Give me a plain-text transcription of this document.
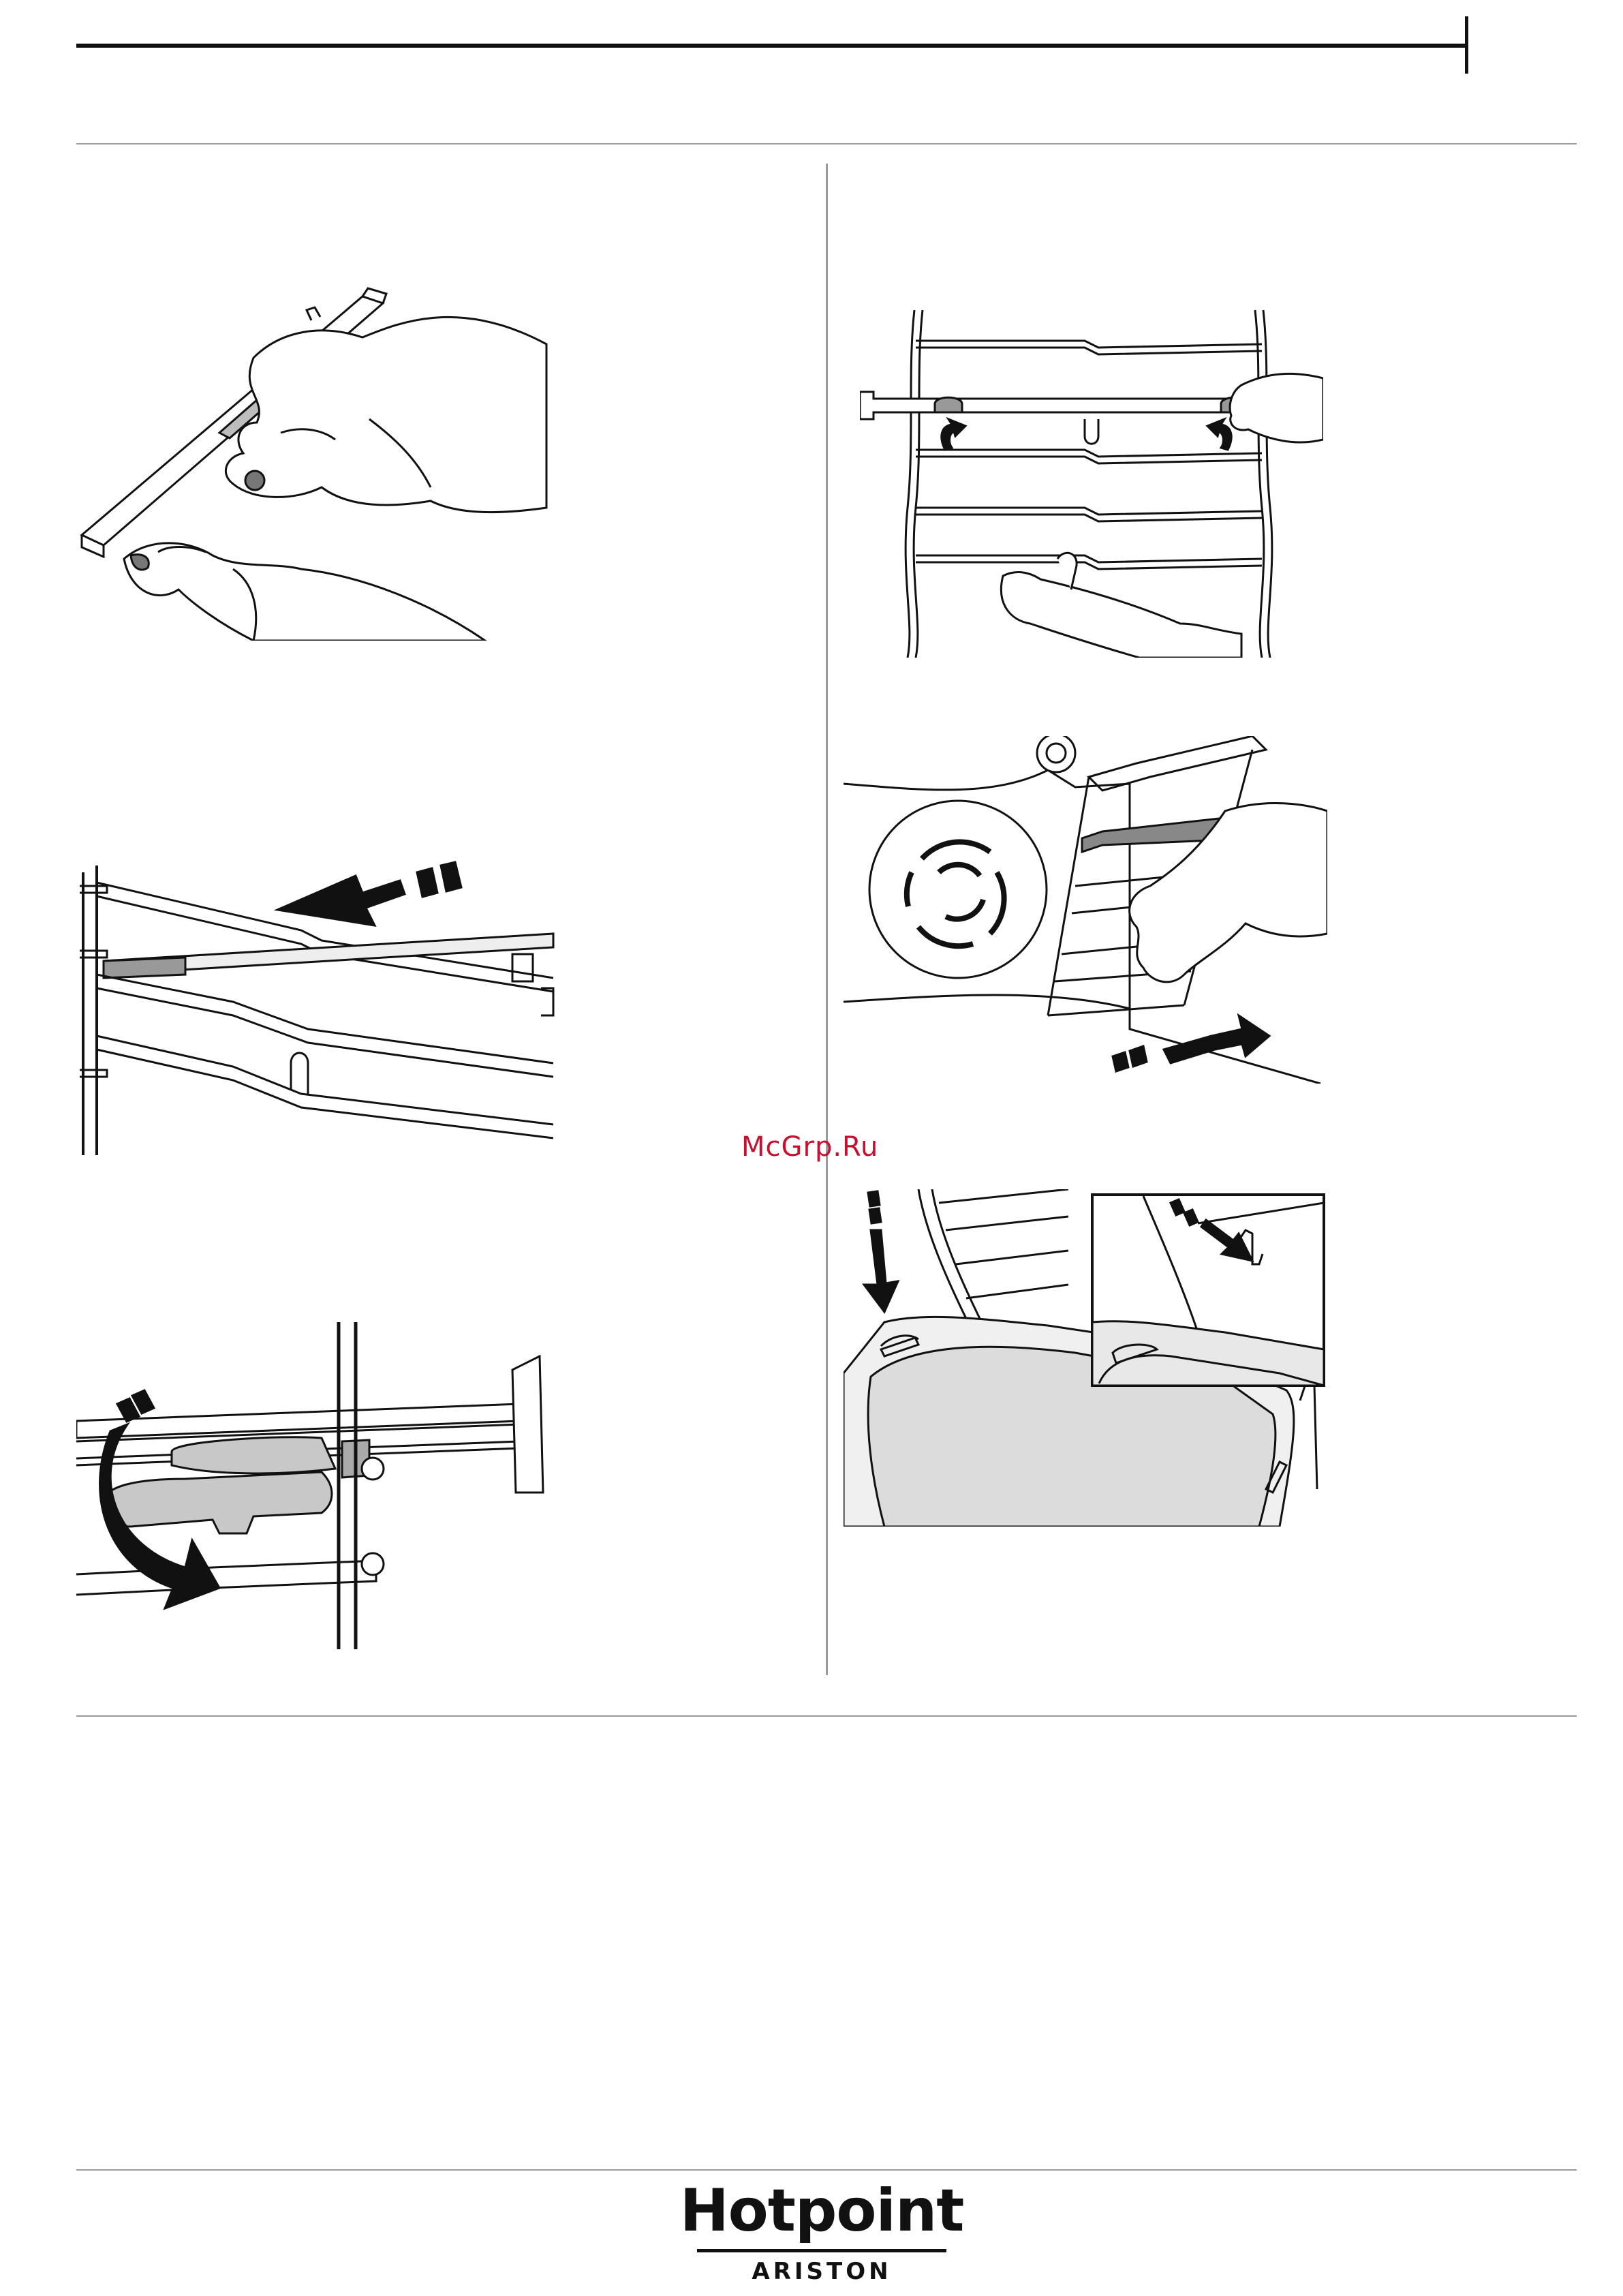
McGrp.Ru
Hotpoint
ARISTON
